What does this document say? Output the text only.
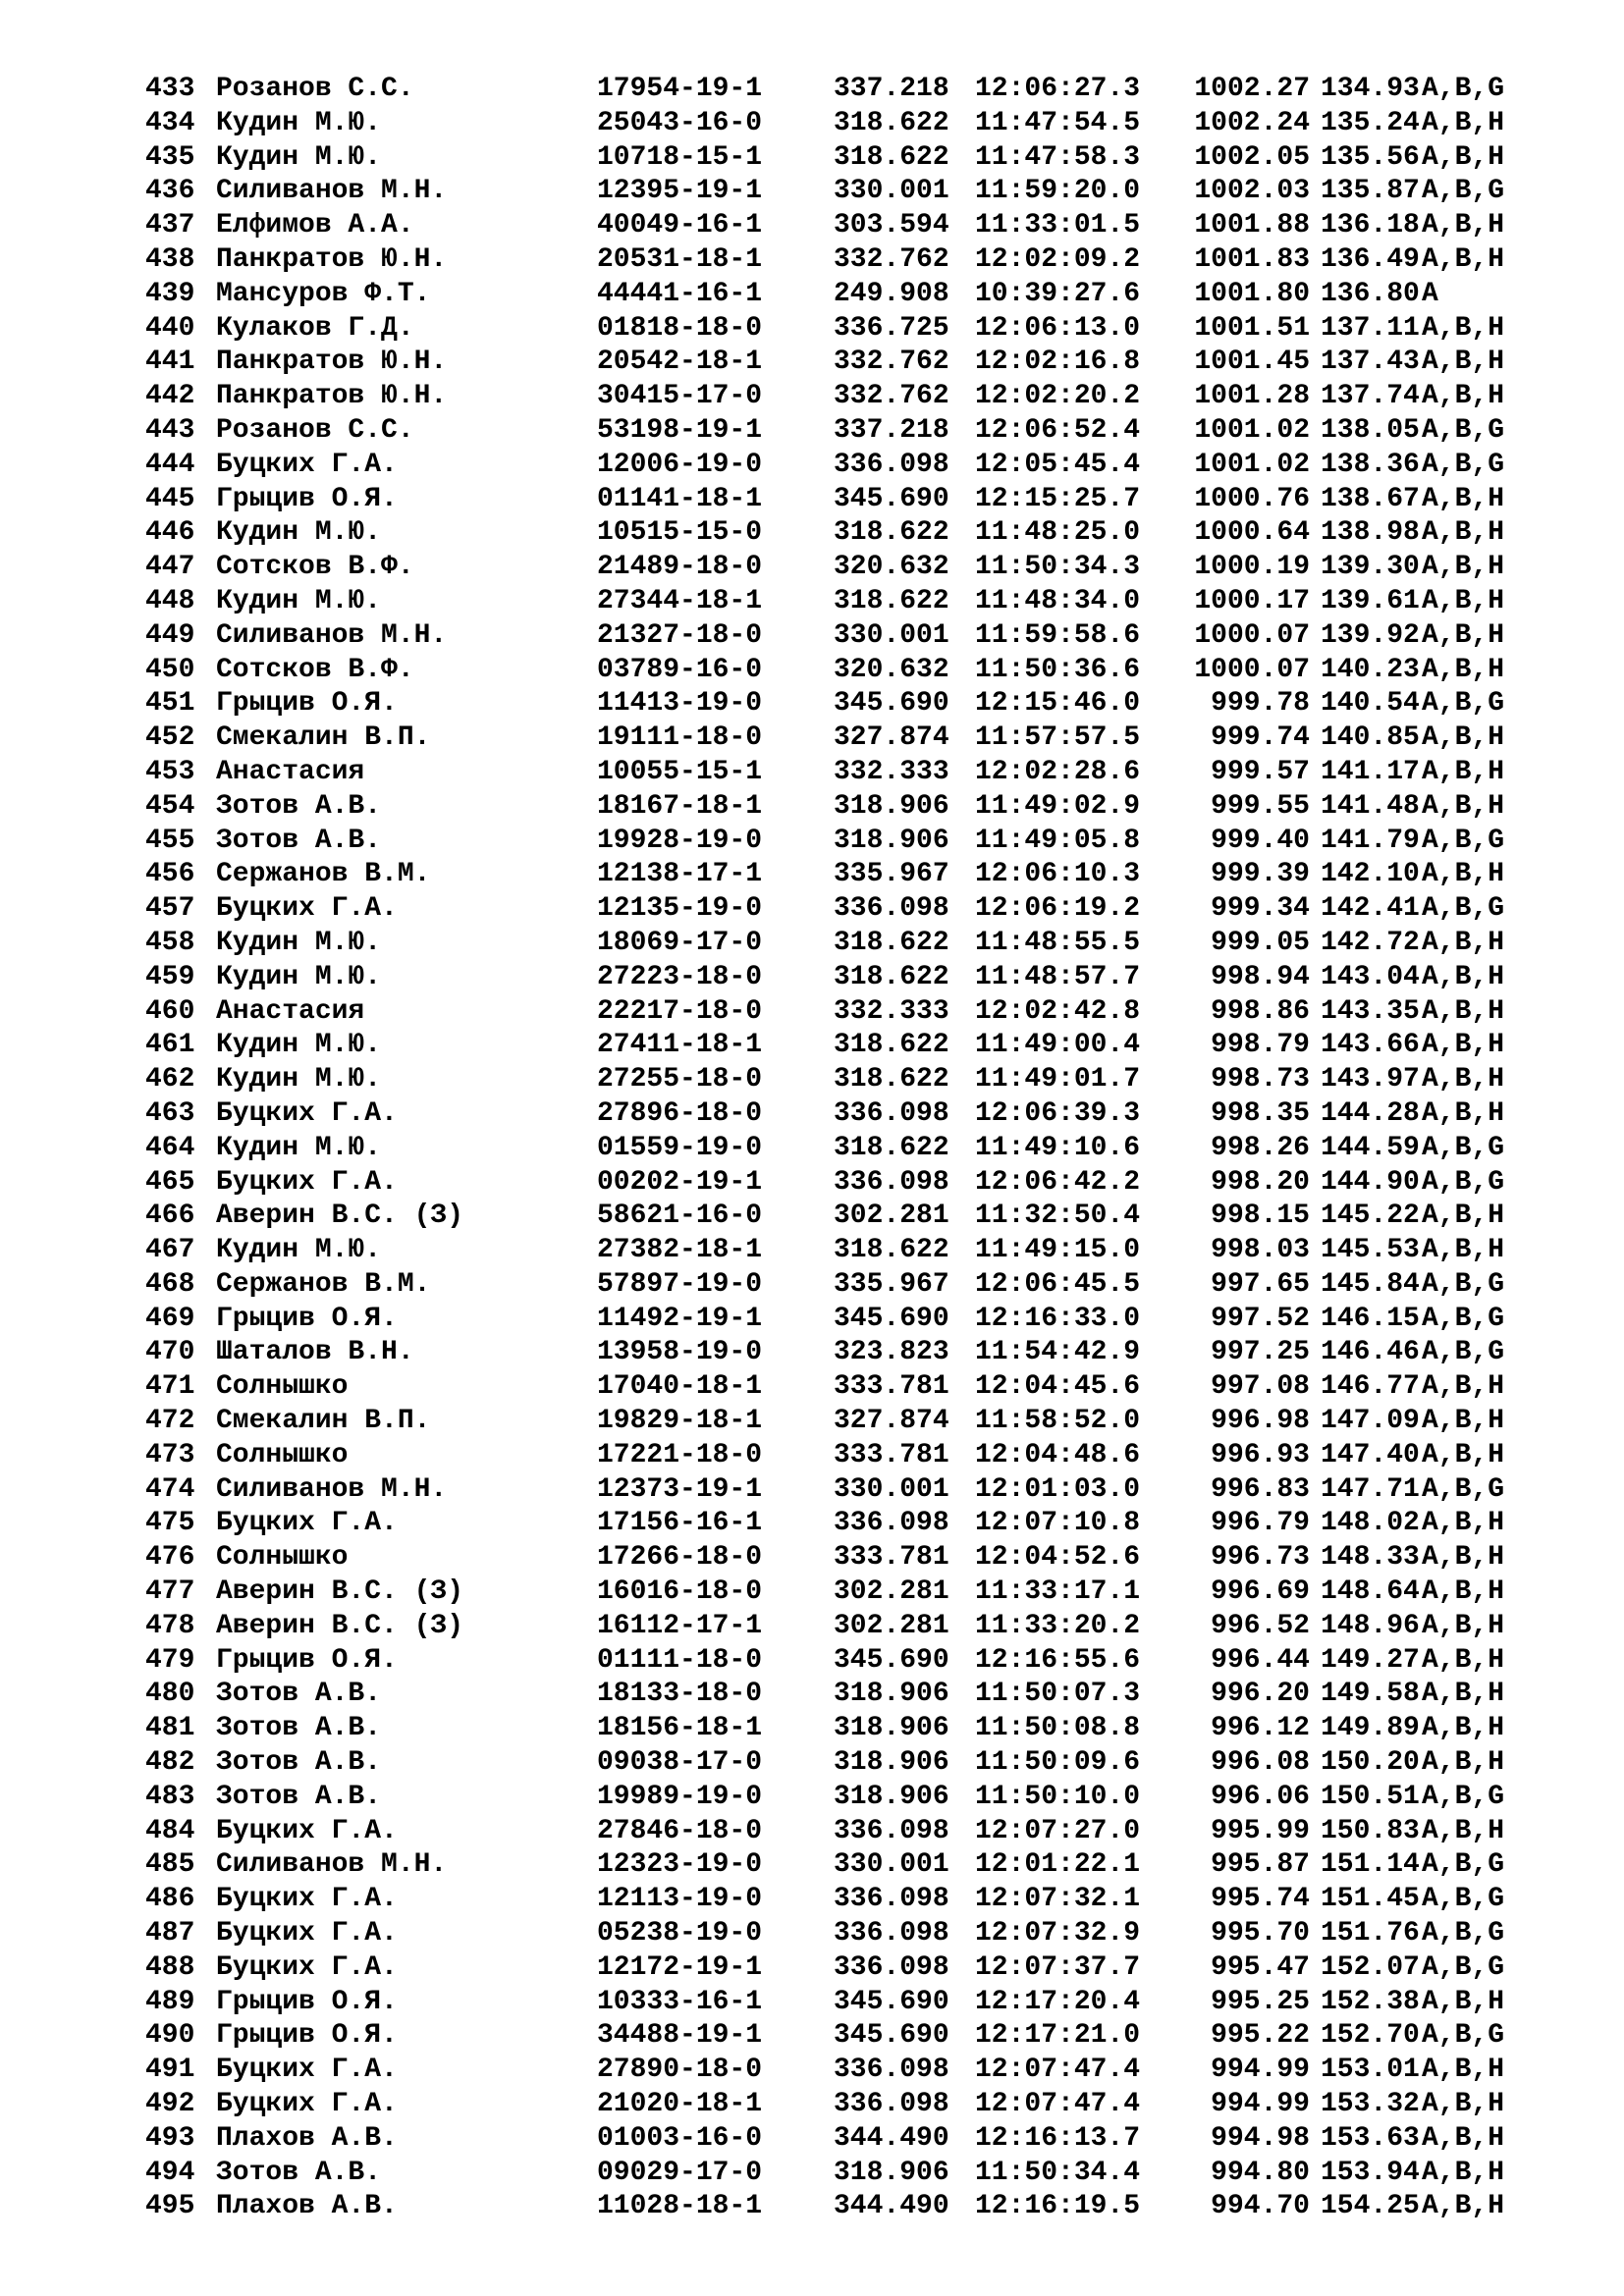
433 Розанов С.С.	17954-19-1	337.218 12:06:27.3	1002.27 134.93 A,B,G
434 Кудин М.Ю.	25043-16-0	318.622 11:47:54.5	1002.24 135.24 A,B,H
435 Кудин М.Ю.	10718-15-1	318.622 11:47:58.3	1002.05 135.56 A,B,H
436 Силиванов М.Н.	12395-19-1	330.001 11:59:20.0	1002.03 135.87 A,B,G
437 Елфимов А.А.	40049-16-1	303.594 11:33:01.5	1001.88 136.18 A,B,H
438 Панкратов Ю.Н.	20531-18-1	332.762 12:02:09.2	1001.83 136.49 A,B,H
439 Мансуров Ф.Т.	44441-16-1	249.908 10:39:27.6	1001.80 136.80 A
440 Кулаков Г.Д.	01818-18-0	336.725 12:06:13.0	1001.51 137.11 A,B,H
441 Панкратов Ю.Н.	20542-18-1	332.762 12:02:16.8	1001.45 137.43 A,B,H
442 Панкратов Ю.Н.	30415-17-0	332.762 12:02:20.2	1001.28 137.74 A,B,H
443 Розанов С.С.	53198-19-1	337.218 12:06:52.4	1001.02 138.05 A,B,G
444 Буцких Г.А.	12006-19-0	336.098 12:05:45.4	1001.02 138.36 A,B,G
445 Грыцив О.Я.	01141-18-1	345.690 12:15:25.7	1000.76 138.67 A,B,H
446 Кудин М.Ю.	10515-15-0	318.622 11:48:25.0	1000.64 138.98 A,B,H
447 Сотсков В.Ф.	21489-18-0	320.632 11:50:34.3	1000.19 139.30 A,B,H
448 Кудин М.Ю.	27344-18-1	318.622 11:48:34.0	1000.17 139.61 A,B,H
449 Силиванов М.Н.	21327-18-0	330.001 11:59:58.6	1000.07 139.92 A,B,H
450 Сотсков В.Ф.	03789-16-0	320.632 11:50:36.6	1000.07 140.23 A,B,H
451 Грыцив О.Я.	11413-19-0	345.690 12:15:46.0	999.78 140.54 A,B,G
452 Смекалин В.П.	19111-18-0	327.874 11:57:57.5	999.74 140.85 A,B,H
453 Анастасия	10055-15-1	332.333 12:02:28.6	999.57 141.17 A,B,H
454 Зотов А.В.	18167-18-1	318.906 11:49:02.9	999.55 141.48 A,B,H
455 Зотов А.В.	19928-19-0	318.906 11:49:05.8	999.40 141.79 A,B,G
456 Сержанов В.М.	12138-17-1	335.967 12:06:10.3	999.39 142.10 A,B,H
457 Буцких Г.А.	12135-19-0	336.098 12:06:19.2	999.34 142.41 A,B,G
458 Кудин М.Ю.	18069-17-0	318.622 11:48:55.5	999.05 142.72 A,B,H
459 Кудин М.Ю.	27223-18-0	318.622 11:48:57.7	998.94 143.04 A,B,H
460 Анастасия	22217-18-0	332.333 12:02:42.8	998.86 143.35 A,B,H
461 Кудин М.Ю.	27411-18-1	318.622 11:49:00.4	998.79 143.66 A,B,H
462 Кудин М.Ю.	27255-18-0	318.622 11:49:01.7	998.73 143.97 A,B,H
463 Буцких Г.А.	27896-18-0	336.098 12:06:39.3	998.35 144.28 A,B,H
464 Кудин М.Ю.	01559-19-0	318.622 11:49:10.6	998.26 144.59 A,B,G
465 Буцких Г.А.	00202-19-1	336.098 12:06:42.2	998.20 144.90 A,B,G
466 Аверин В.С. (З)	58621-16-0	302.281 11:32:50.4	998.15 145.22 A,B,H
467 Кудин М.Ю.	27382-18-1	318.622 11:49:15.0	998.03 145.53 A,B,H
468 Сержанов В.М.	57897-19-0	335.967 12:06:45.5	997.65 145.84 A,B,G
469 Грыцив О.Я.	11492-19-1	345.690 12:16:33.0	997.52 146.15 A,B,G
470 Шаталов В.Н.	13958-19-0	323.823 11:54:42.9	997.25 146.46 A,B,G
471 Солнышко	17040-18-1	333.781 12:04:45.6	997.08 146.77 A,B,H
472 Смекалин В.П.	19829-18-1	327.874 11:58:52.0	996.98 147.09 A,B,H
473 Солнышко	17221-18-0	333.781 12:04:48.6	996.93 147.40 A,B,H
474 Силиванов М.Н.	12373-19-1	330.001 12:01:03.0	996.83 147.71 A,B,G
475 Буцких Г.А.	17156-16-1	336.098 12:07:10.8	996.79 148.02 A,B,H
476 Солнышко	17266-18-0	333.781 12:04:52.6	996.73 148.33 A,B,H
477 Аверин В.С. (З)	16016-18-0	302.281 11:33:17.1	996.69 148.64 A,B,H
478 Аверин В.С. (З)	16112-17-1	302.281 11:33:20.2	996.52 148.96 A,B,H
479 Грыцив О.Я.	01111-18-0	345.690 12:16:55.6	996.44 149.27 A,B,H
480 Зотов А.В.	18133-18-0	318.906 11:50:07.3	996.20 149.58 A,B,H
481 Зотов А.В.	18156-18-1	318.906 11:50:08.8	996.12 149.89 A,B,H
482 Зотов А.В.	09038-17-0	318.906 11:50:09.6	996.08 150.20 A,B,H
483 Зотов А.В.	19989-19-0	318.906 11:50:10.0	996.06 150.51 A,B,G
484 Буцких Г.А.	27846-18-0	336.098 12:07:27.0	995.99 150.83 A,B,H
485 Силиванов М.Н.	12323-19-0	330.001 12:01:22.1	995.87 151.14 A,B,G
486 Буцких Г.А.	12113-19-0	336.098 12:07:32.1	995.74 151.45 A,B,G
487 Буцких Г.А.	05238-19-0	336.098 12:07:32.9	995.70 151.76 A,B,G
488 Буцких Г.А.	12172-19-1	336.098 12:07:37.7	995.47 152.07 A,B,G
489 Грыцив О.Я.	10333-16-1	345.690 12:17:20.4	995.25 152.38 A,B,H
490 Грыцив О.Я.	34488-19-1	345.690 12:17:21.0	995.22 152.70 A,B,G
491 Буцких Г.А.	27890-18-0	336.098 12:07:47.4	994.99 153.01 A,B,H
492 Буцких Г.А.	21020-18-1	336.098 12:07:47.4	994.99 153.32 A,B,H
493 Плахов А.В.	01003-16-0	344.490 12:16:13.7	994.98 153.63 A,B,H
494 Зотов А.В.	09029-17-0	318.906 11:50:34.4	994.80 153.94 A,B,H
495 Плахов А.В.	11028-18-1	344.490 12:16:19.5	994.70 154.25 A,B,H
